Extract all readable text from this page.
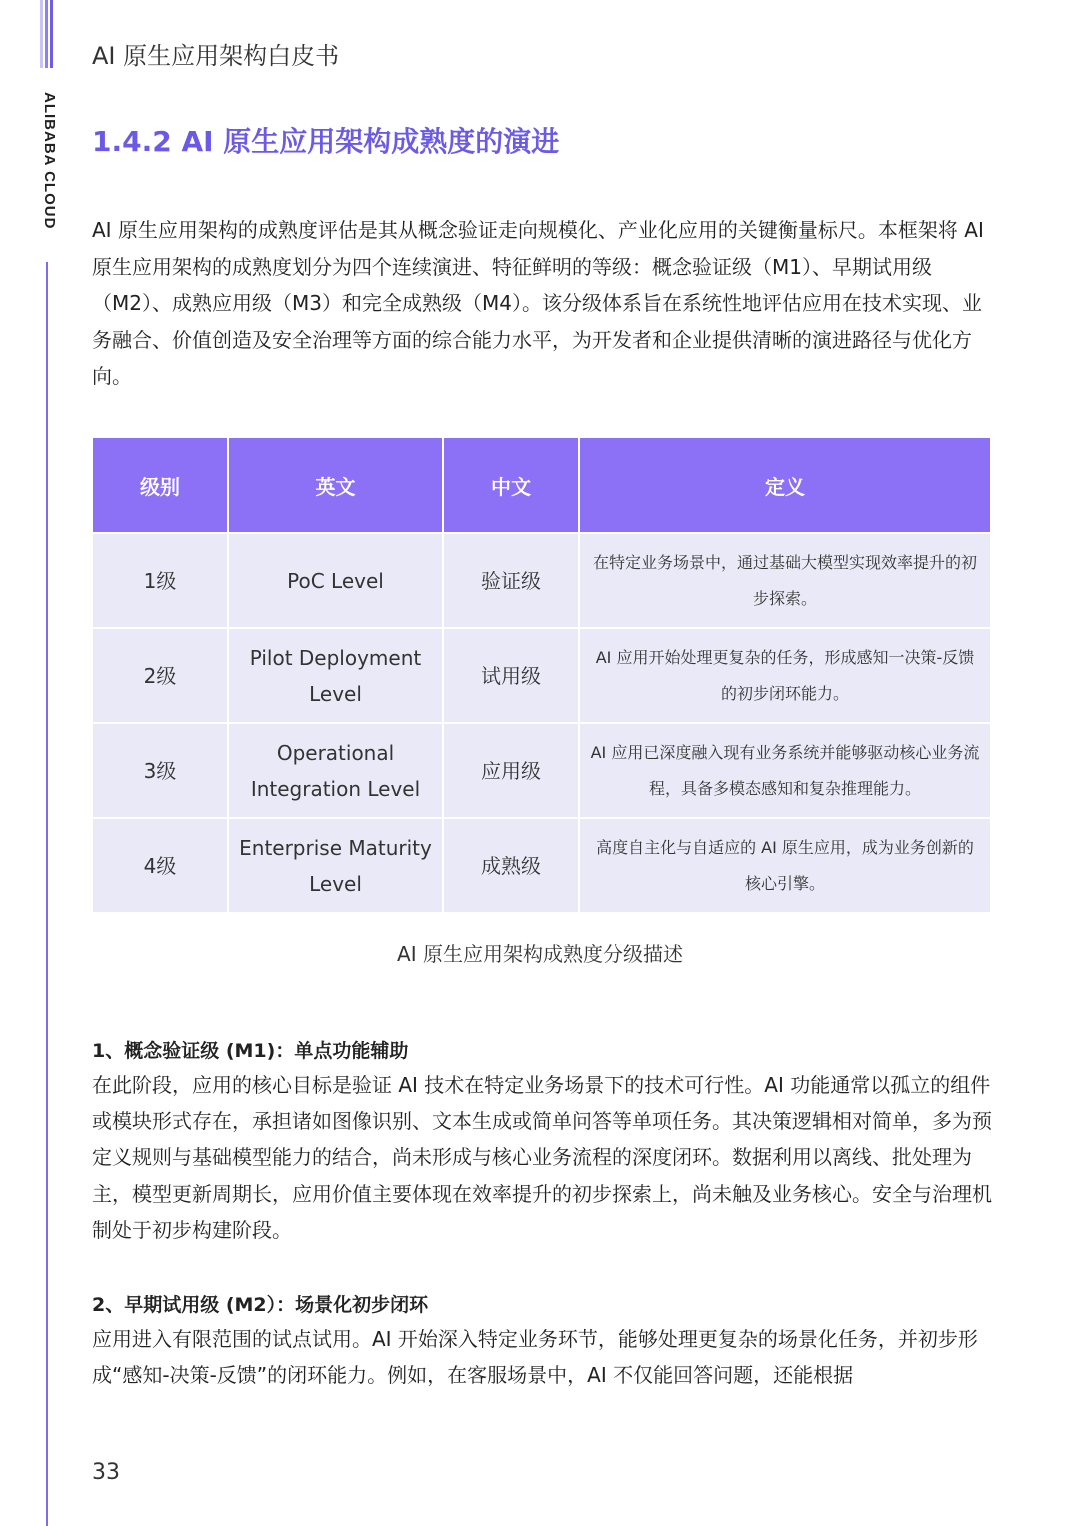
ALIBABA CLOUD
AI 原生应用架构白皮书
1.4.2 AI 原生应用架构成熟度的演进

AI 原生应用架构的成熟度评估是其从概念验证走向规模化、产业化应用的关键衡量标尺。本框架将 AI 原生应用架构的成熟度划分为四个连续演进、特征鲜明的等级：概念验证级（M1）、早期试用级（M2）、成熟应用级（M3）和完全成熟级（M4）。该分级体系旨在系统性地评估应用在技术实现、业务融合、价值创造及安全治理等方面的综合能力水平，为开发者和企业提供清晰的演进路径与优化方向。

级别	英文	中文	定义
1级	PoC Level	验证级	在特定业务场景中，通过基础大模型实现效率提升的初步探索。
2级	Pilot Deployment Level	试用级	AI 应用开始处理更复杂的任务，形成感知一决策-反馈的初步闭环能力。
3级	Operational Integration Level	应用级	AI 应用已深度融入现有业务系统并能够驱动核心业务流程，具备多模态感知和复杂推理能力。
4级	Enterprise Maturity Level	成熟级	高度自主化与自适应的 AI 原生应用，成为业务创新的核心引擎。
AI 原生应用架构成熟度分级描述
1、概念验证级 (M1)：单点功能辅助

在此阶段，应用的核心目标是验证 AI 技术在特定业务场景下的技术可行性。AI 功能通常以孤立的组件或模块形式存在，承担诸如图像识别、文本生成或简单问答等单项任务。其决策逻辑相对简单，多为预定义规则与基础模型能力的结合，尚未形成与核心业务流程的深度闭环。数据利用以离线、批处理为主，模型更新周期长，应用价值主要体现在效率提升的初步探索上，尚未触及业务核心。安全与治理机制处于初步构建阶段。

2、早期试用级 (M2）：场景化初步闭环

应用进入有限范围的试点试用。AI 开始深入特定业务环节，能够处理更复杂的场景化任务，并初步形成“感知-决策-反馈”的闭环能力。例如，在客服场景中，AI 不仅能回答问题，还能根据

33
